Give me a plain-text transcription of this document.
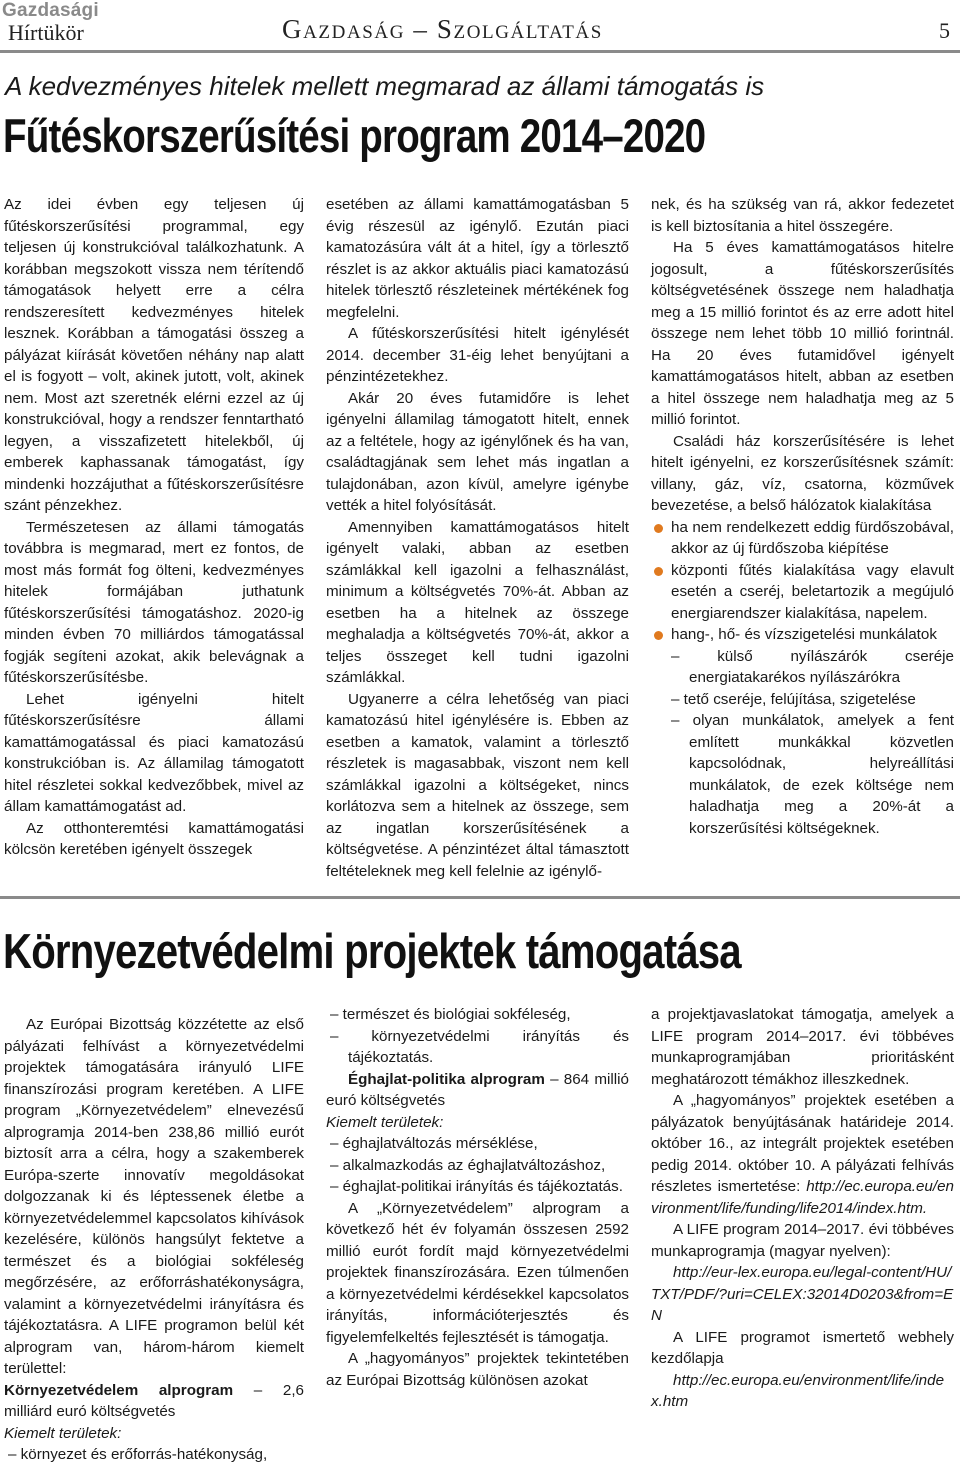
Gazdasági
Hírtükör	Gazdaság – Szolgáltatás	5
A kedvezményes hitelek mellett megmarad az állami támogatás is
Fűtéskorszerűsítési program 2014–2020

Az idei évben egy teljesen új fűtéskorszerűsítési programmal, egy teljesen új konstrukcióval találkozhatunk. A korábban megszokott vissza nem térítendő támogatások helyett erre a célra rendszeresített kedvezményes hitelek lesznek. Korábban a támogatási összeg a pályázat kiírását követően néhány nap alatt el is fogyott – volt, akinek jutott, volt, akinek nem. Most azt szeretnék elérni ezzel az új konstrukcióval, hogy a rendszer fenntartható legyen, a visszafizetett hitelekből, új emberek kaphassanak támogatást, így mindenki hozzájuthat a fűtéskorszerűsítésre szánt pénzekhez.

Természetesen az állami támogatás továbbra is megmarad, mert ez fontos, de most más formát fog ölteni, kedvezményes hitelek formájában juthatunk fűtéskorszerűsítési támogatáshoz. 2020-ig minden évben 70 milliárdos támogatással fogják segíteni azokat, akik belevágnak a fűtéskorszerűsítésbe.

Lehet igényelni hitelt fűtéskorszerűsítésre állami kamattámogatással és piaci kamatozású konstrukcióban is. Az államilag támogatott hitel részletei sokkal kedvezőbbek, mivel az állam kamattámogatást ad.

Az otthonteremtési kamattámogatási kölcsön keretében igényelt összegek

esetében az állami kamattámogatásban 5 évig részesül az igénylő. Ezután piaci kamatozásúra vált át a hitel, így a törlesztő részlet is az akkor aktuális piaci kamatozású hitelek törlesztő részleteinek mértékének fog megfelelni.

A fűtéskorszerűsítési hitelt igénylését 2014. december 31-éig lehet benyújtani a pénzintézetekhez.

Akár 20 éves futamidőre is lehet igényelni államilag támogatott hitelt, ennek az a feltétele, hogy az igénylőnek és ha van, családtagjának sem lehet más ingatlan a tulajdonában, azon kívül, amelyre igénybe vették a hitel folyósítását.

Amennyiben kamattámogatásos hitelt igényelt valaki, abban az esetben számlákkal kell igazolni a felhasználást, minimum a költségvetés 70%-át. Abban az esetben ha a hitelnek az összege meghaladja a költségvetés 70%-át, akkor a teljes összeget kell tudni igazolni számlákkal.

Ugyanerre a célra lehetőség van piaci kamatozású hitel igénylésére is. Ebben az esetben a kamatok, valamint a törlesztő részletek is magasabbak, viszont nem kell számlákkal igazolni a költségeket, nincs korlátozva sem a hitelnek az összege, sem az ingatlan korszerűsítésének a költségvetése. A pénzintézet által támasztott feltételeknek meg kell felelnie az igénylő-

nek, és ha szükség van rá, akkor fedezetet is kell biztosítania a hitel összegére.

Ha 5 éves kamattámogatásos hitelre jogosult, a fűtéskorszerűsítés költségvetésének összege nem haladhatja meg a 15 millió forintot és az erre adott hitel összege nem lehet több 10 millió forintnál. Ha 20 éves futamidővel igényelt kamattámogatásos hitelt, abban az esetben a hitel összege nem haladhatja meg az 5 millió forintot.

Családi ház korszerűsítésére is lehet hitelt igényelni, ez korszerűsítésnek számít: villany, gáz, víz, csatorna, közművek bevezetése, a belső hálózatok kialakítása

ha nem rendelkezett eddig fürdőszobával, akkor az új fürdőszoba kiépítése

központi fűtés kialakítása vagy elavult esetén a cseréj, beletartozik a megújuló energiarendszer kialakítása, napelem.

hang-, hő- és vízszigetelési munkálatok

– külső nyílászárók cseréje energiatakarékos nyílászárókra

– tető cseréje, felújítása, szigetelése

– olyan munkálatok, amelyek a fent említett munkákkal közvetlen kapcsolódnak, helyreállítási munkálatok, de ezek költsége nem haladhatja meg a 20%-át a korszerűsítési költségeknek.

Környezetvédelmi projektek támogatása

Az Európai Bizottság közzétette az első pályázati felhívást a környezetvédelmi projektek támogatására irányuló LIFE finanszírozási program keretében. A LIFE program „Környezetvédelem” elnevezésű alprogramja 2014-ben 238,86 millió eurót biztosít arra a célra, hogy a szakemberek Európa-szerte innovatív megoldásokat dolgozzanak ki és léptessenek életbe a környezetvédelemmel kapcsolatos kihívások kezelésére, különös hangsúlyt fektetve a természet és a biológiai sokféleség megőrzésére, az erőforráshatékonyságra, valamint a környezetvédelmi irányításra és tájékoztatásra. A LIFE programon belül két alprogram van, három-három kiemelt területtel:

Környezetvédelem alprogram – 2,6 milliárd euró költségvetés

Kiemelt területek:

– környezet és erőforrás-hatékonyság,

– természet és biológiai sokféleség,

– környezetvédelmi irányítás és tájékoztatás.

Éghajlat-politika alprogram – 864 millió euró költségvetés

Kiemelt területek:

– éghajlatváltozás mérséklése,

– alkalmazkodás az éghajlatváltozáshoz,

– éghajlat-politikai irányítás és tájékoztatás.

A „Környezetvédelem” alprogram a következő hét év folyamán összesen 2592 millió eurót fordít majd környezetvédelmi projektek finanszírozására. Ezen túlmenően a környezetvédelmi kérdésekkel kapcsolatos irányítás, információterjesztés és figyelemfelkeltés fejlesztését is támogatja.

A „hagyományos” projektek tekintetében az Európai Bizottság különösen azokat

a projektjavaslatokat támogatja, amelyek a LIFE program 2014–2017. évi többéves munkaprogramjában prioritásként meghatározott témákhoz illeszkednek.

A „hagyományos” projektek esetében a pályázatok benyújtásának határideje 2014. október 16., az integrált projektek esetében pedig 2014. október 10. A pályázati felhívás részletes ismertetése: http://ec.europa.eu/environment/life/funding/life2014/index.htm.

A LIFE program 2014–2017. évi többéves munkaprogramja (magyar nyelven):

http://eur-lex.europa.eu/legal-content/HU/TXT/PDF/?uri=CELEX:32014D0203&from=EN

A LIFE programot ismertető webhely kezdőlapja

http://ec.europa.eu/environment/life/index.htm
